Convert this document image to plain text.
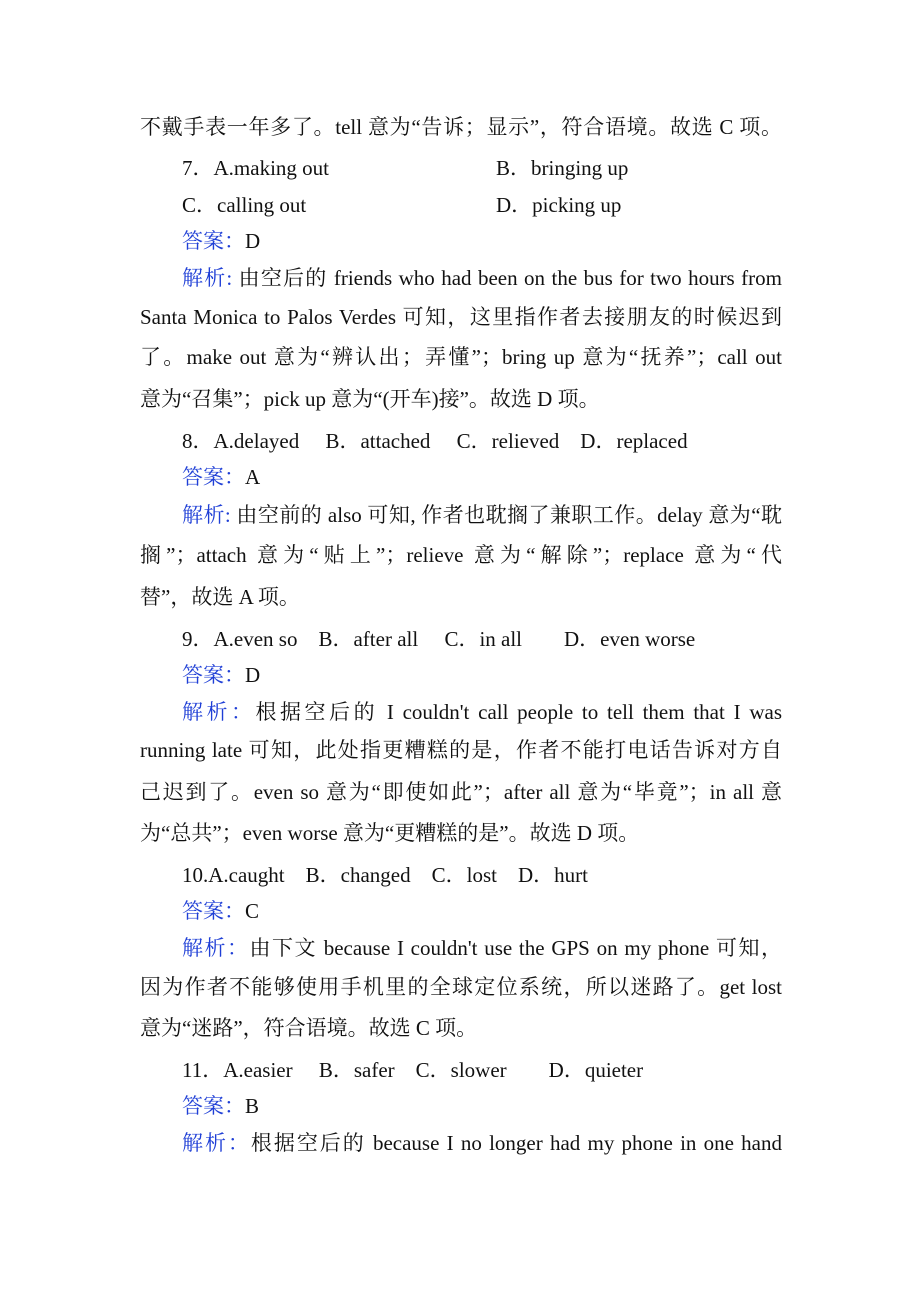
不戴手表一年多了。tell 意为“告诉；显示”，符合语境。故选 C 项。
7．A.making out	B．bringing up
C．calling out	D．picking up
答案：D
解析: 由空后的 friends who had been on the bus for two hours from
Santa Monica to Palos Verdes 可知，这里指作者去接朋友的时候迟到
了。make out 意为“辨认出；弄懂”；bring up 意为“抚养”；call out
意为“召集”；pick up 意为“(开车)接”。故选 D 项。
8．A.delayed　 B．attached　 C．relieved　D．replaced
答案：A
解析: 由空前的 also 可知, 作者也耽搁了兼职工作。delay 意为“耽
搁”；attach 意为“贴上”；relieve 意为“解除”；replace 意为“代
替”，故选 A 项。
9．A.even so　B．after all　 C．in all　　D．even worse
答案：D
解析：根据空后的 I couldn't call people to tell them that I was
running late 可知，此处指更糟糕的是，作者不能打电话告诉对方自
己迟到了。even so 意为“即使如此”；after all 意为“毕竟”；in all 意
为“总共”；even worse 意为“更糟糕的是”。故选 D 项。
10.A.caught　B．changed　C．lost　D．hurt
答案：C
解析：由下文 because I couldn't use the GPS on my phone 可知，
因为作者不能够使用手机里的全球定位系统，所以迷路了。get lost
意为“迷路”，符合语境。故选 C 项。
11．A.easier　 B．safer　C．slower　　D．quieter
答案：B
解析：根据空后的 because I no longer had my phone in one hand
